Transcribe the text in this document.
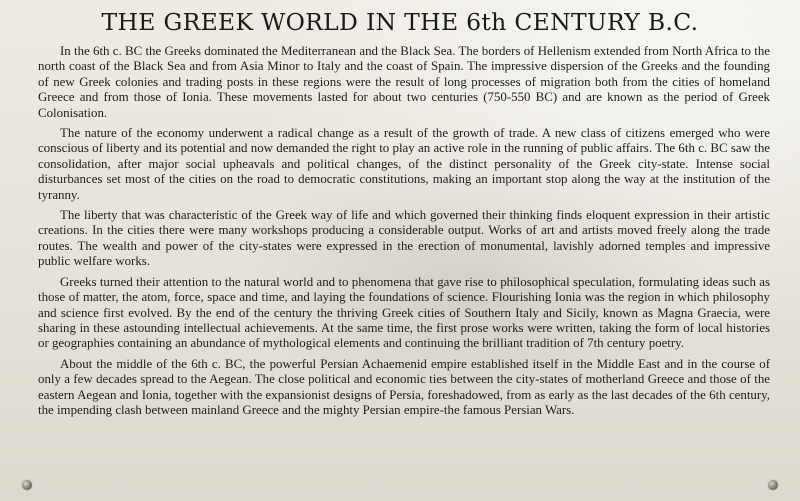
THE GREEK WORLD IN THE 6th CENTURY B.C.

In the 6th c. BC the Greeks dominated the Mediterranean and the Black Sea. The borders of Hellenism extended from North Africa to the north coast of the Black Sea and from Asia Minor to Italy and the coast of Spain. The impressive dispersion of the Greeks and the founding of new Greek colonies and trading posts in these regions were the result of long processes of migration both from the cities of homeland Greece and from those of Ionia. These movements lasted for about two centuries (750-550 BC) and are known as the period of Greek Colonisation.

The nature of the economy underwent a radical change as a result of the growth of trade. A new class of citizens emerged who were conscious of liberty and its potential and now demanded the right to play an active role in the running of public affairs. The 6th c. BC saw the consolidation, after major social upheavals and political changes, of the distinct personality of the Greek city-state. Intense social disturbances set most of the cities on the road to democratic constitutions, making an important stop along the way at the institution of the tyranny.

The liberty that was characteristic of the Greek way of life and which governed their thinking finds eloquent expression in their artistic creations. In the cities there were many workshops producing a considerable output. Works of art and artists moved freely along the trade routes. The wealth and power of the city-states were expressed in the erection of monumental, lavishly adorned temples and impressive public welfare works.

Greeks turned their attention to the natural world and to phenomena that gave rise to philosophical speculation, formulating ideas such as those of matter, the atom, force, space and time, and laying the foundations of science. Flourishing Ionia was the region in which philosophy and science first evolved. By the end of the century the thriving Greek cities of Southern Italy and Sicily, known as Magna Graecia, were sharing in these astounding intellectual achievements. At the same time, the first prose works were written, taking the form of local histories or geographies containing an abundance of mythological elements and continuing the brilliant tradition of 7th century poetry.

About the middle of the 6th c. BC, the powerful Persian Achaemenid empire established itself in the Middle East and in the course of only a few decades spread to the Aegean. The close political and economic ties between the city-states of motherland Greece and those of the eastern Aegean and Ionia, together with the expansionist designs of Persia, foreshadowed, from as early as the last decades of the 6th century, the impending clash between mainland Greece and the mighty Persian empire-the famous Persian Wars.
